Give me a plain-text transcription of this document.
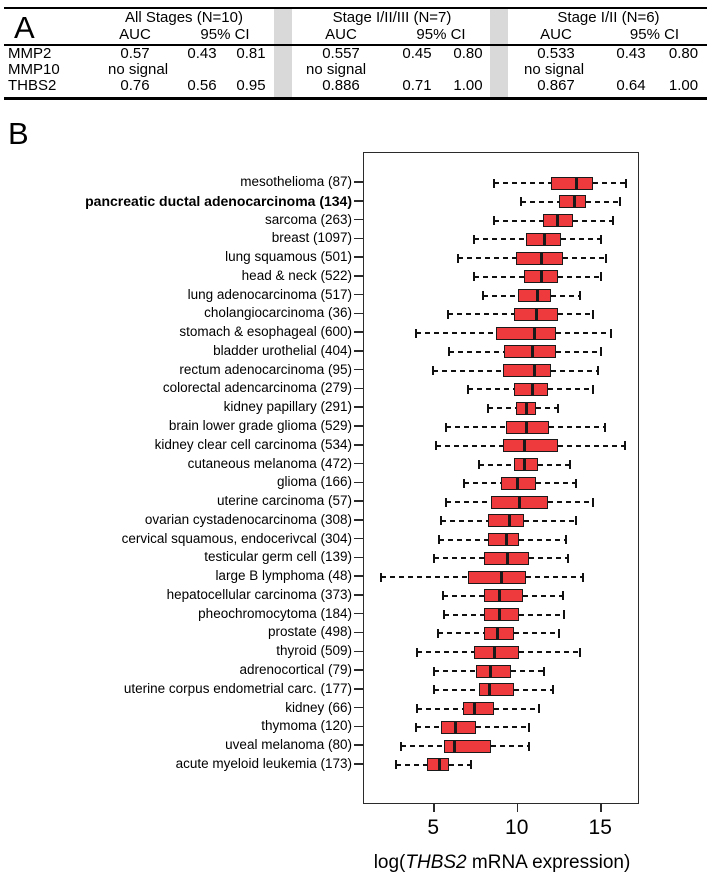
All Stages (N=10)	Stage I/II/III (N=7)	Stage I/II (N=6)
AUC	95% CI	AUC	95% CI	AUC	95% CI
MMP2	0.57	0.43	0.81	0.557	0.45	0.80	0.533	0.43	0.80
MMP10	no signal	no signal	no signal
THBS2	0.76	0.56	0.95	0.886	0.71	1.00	0.867	0.64	1.00
A
B
mesothelioma (87)
pancreatic ductal adenocarcinoma (134)
sarcoma (263)
breast (1097)
lung squamous (501)
head & neck (522)
lung adenocarcinoma (517)
cholangiocarcinoma (36)
stomach & esophageal (600)
bladder urothelial (404)
rectum adenocarcinoma (95)
colorectal adencarcinoma (279)
kidney papillary (291)
brain lower grade glioma (529)
kidney clear cell carcinoma (534)
cutaneous melanoma (472)
glioma (166)
uterine carcinoma (57)
ovarian cystadenocarcinoma (308)
cervical squamous, endocerivcal (304)
testicular germ cell (139)
large B lymphoma (48)
hepatocellular carcinoma (373)
pheochromocytoma (184)
prostate (498)
thyroid (509)
adrenocortical (79)
uterine corpus endometrial carc. (177)
kidney (66)
thymoma (120)
uveal melanoma (80)
acute myeloid leukemia (173)
5	10	15
log(THBS2 mRNA expression)
